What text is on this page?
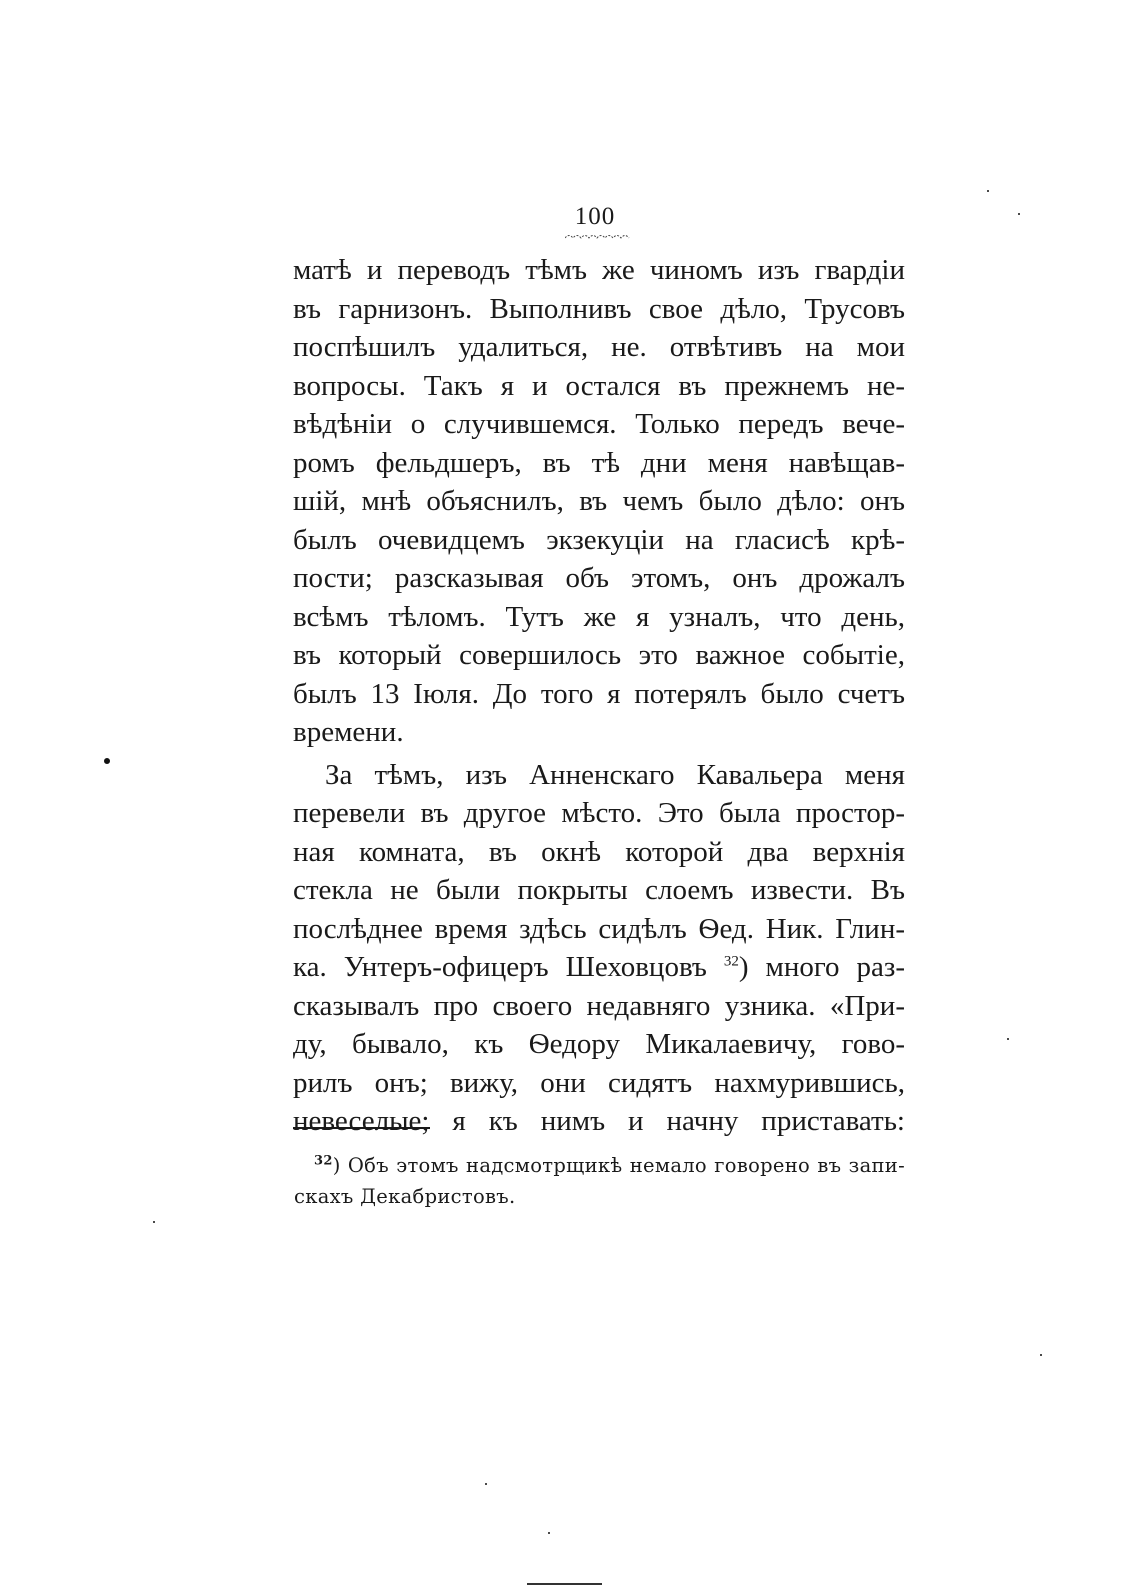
100
матѣ и переводъ тѣмъ же чиномъ изъ гвардіи
въ гарнизонъ. Выполнивъ свое дѣло, Трусовъ
поспѣшилъ удалиться, не. отвѣтивъ на мои
вопросы. Такъ я и остался въ прежнемъ не-
вѣдѣніи о случившемся. Только передъ вече-
ромъ фельдшеръ, въ тѣ дни меня навѣщав-
шій, мнѣ объяснилъ, въ чемъ было дѣло: онъ
былъ очевидцемъ экзекуціи на гласисѣ крѣ-
пости; разсказывая объ этомъ, онъ дрожалъ
всѣмъ тѣломъ. Тутъ же я узналъ, что день,
въ который совершилось это важное событіе,
былъ 13 Іюля. До того я потерялъ было счетъ
времени.
За тѣмъ, изъ Анненскаго Кавальера меня
перевели въ другое мѣсто. Это была простор-
ная комната, въ окнѣ которой два верхнія
стекла не были покрыты слоемъ извести. Въ
послѣднее время здѣсь сидѣлъ Ѳед. Ник. Глин-
ка. Унтеръ-офицеръ Шеховцовъ $^{32}$) много раз-
сказывалъ про своего недавняго узника. «При-
ду, бывало, къ Ѳедору Микалаевичу, гово-
рилъ онъ; вижу, они сидятъ нахмурившись,
невеселые; я къ нимъ и начну приставать:
$^{32}$) Объ этомъ надсмотрщикѣ немало говорено въ запи-
скахъ Декабристовъ.
